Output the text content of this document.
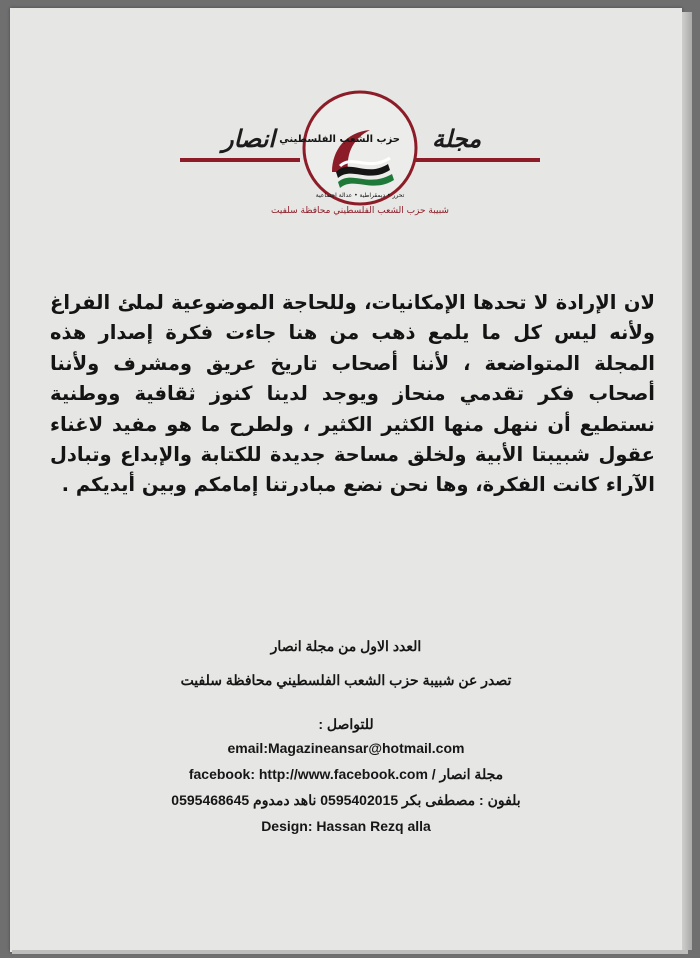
انصار	مجلة
حزب الشعب الفلسطيني
تحرر • ديمقراطية • عدالة اجتماعية
شبيبة حزب الشعب الفلسطيني محافظة سلفيت
لان الإرادة لا تحدها الإمكانيات، وللحاجة الموضوعية لملئ الفراغ ولأنه ليس كل ما يلمع ذهب من هنا جاءت فكرة إصدار هذه المجلة المتواضعة ، لأننا أصحاب تاريخ عريق ومشرف ولأننا أصحاب فكر تقدمي منحاز ويوجد لدينا كنوز ثقافية ووطنية نستطيع أن ننهل منها الكثير الكثير ، ولطرح ما هو مفيد لاغناء عقول شبيبتا الأبية ولخلق مساحة جديدة للكتابة والإبداع وتبادل الآراء كانت الفكرة، وها نحن نضع مبادرتنا إمامكم وبين أيديكم .
العدد الاول من مجلة انصار
تصدر عن شبيبة حزب الشعب الفلسطيني محافظة سلفيت
للتواصل :
email:Magazineansar@hotmail.com
facebook: http://www.facebook.com / مجلة انصار
بلفون : مصطفى بكر 0595402015 ناهد دمدوم 0595468645
Design: Hassan Rezq alla
